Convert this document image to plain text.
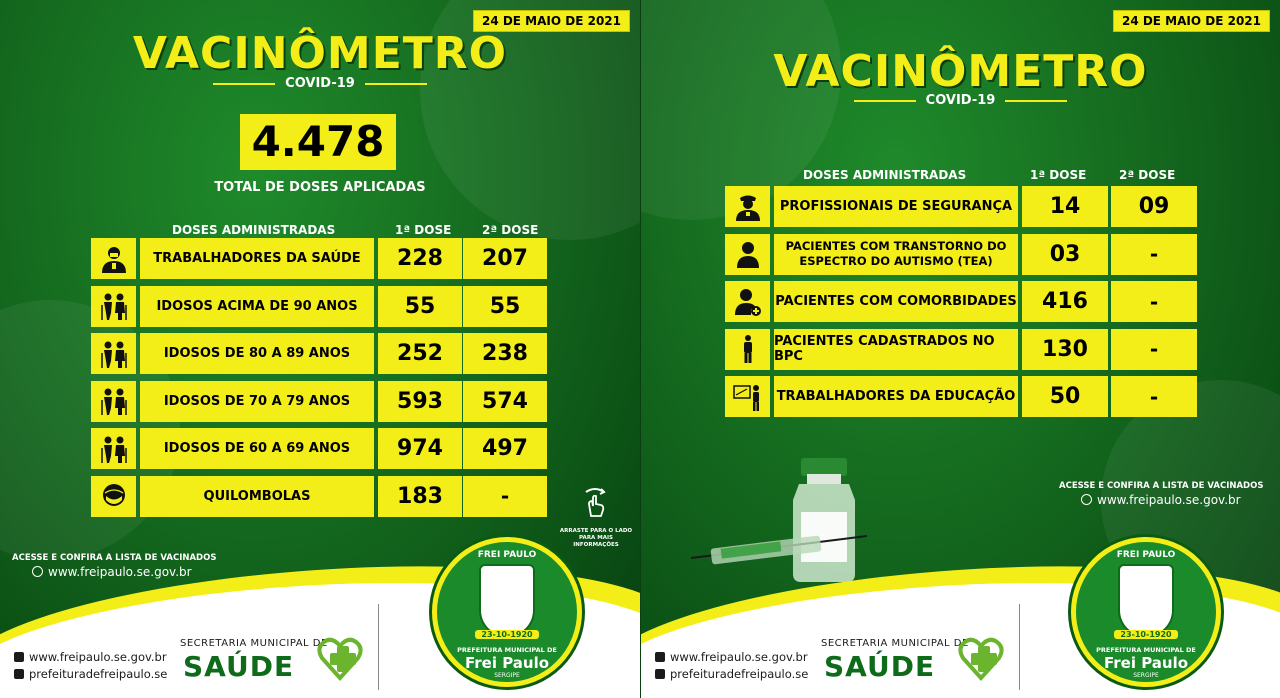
24 DE MAIO DE 2021
VACINÔMETRO
COVID-19
4.478
TOTAL DE DOSES APLICADAS
DOSES ADMINISTRADAS	1ª DOSE	2ª DOSE
TRABALHADORES DA SAÚDE	228	207
IDOSOS ACIMA DE 90 ANOS	55	55
IDOSOS DE 80 A 89 ANOS	252	238
IDOSOS DE 70 A 79 ANOS	593	574
IDOSOS DE 60 A 69 ANOS	974	497
QUILOMBOLAS	183	-
ARRASTE PARA O LADO PARA MAIS INFORMAÇÕES
ACESSE E CONFIRA A LISTA DE VACINADOS
www.freipaulo.se.gov.br
www.freipaulo.se.gov.br
prefeituradefreipaulo.se
SECRETARIA MUNICIPAL DE
SAÚDE
FREI PAULO
23-10-1920
PREFEITURA MUNICIPAL DE
Frei Paulo
SERGIPE
24 DE MAIO DE 2021
VACINÔMETRO
COVID-19
DOSES ADMINISTRADAS	1ª DOSE	2ª DOSE
PROFISSIONAIS DE SEGURANÇA	14	09
PACIENTES COM TRANSTORNO DO ESPECTRO DO AUTISMO (TEA)	03	-
PACIENTES COM COMORBIDADES	416	-
PACIENTES CADASTRADOS NO BPC	130	-
TRABALHADORES DA EDUCAÇÃO	50	-
ACESSE E CONFIRA A LISTA DE VACINADOS
www.freipaulo.se.gov.br
www.freipaulo.se.gov.br
prefeituradefreipaulo.se
SECRETARIA MUNICIPAL DE
SAÚDE
FREI PAULO
23-10-1920
PREFEITURA MUNICIPAL DE
Frei Paulo
SERGIPE
